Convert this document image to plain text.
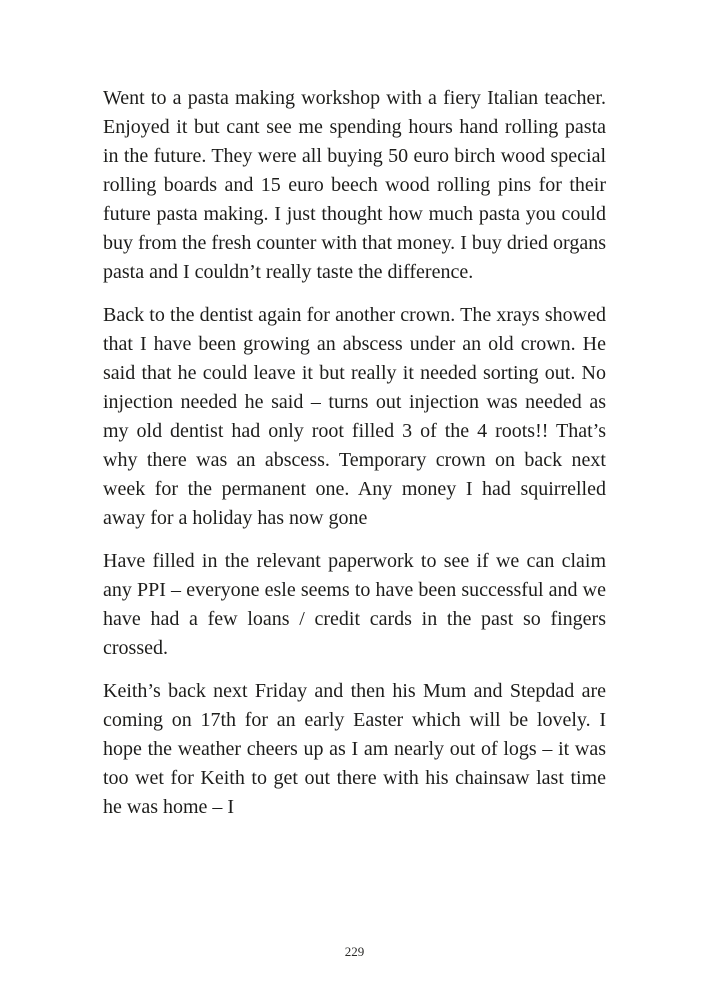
Went to a pasta making workshop with a fiery Italian teacher. Enjoyed it but cant see me spending hours hand rolling pasta in the future. They were all buying 50 euro birch wood special rolling boards and 15 euro beech wood rolling pins for their future pasta making. I just thought how much pasta you could buy from the fresh counter with that money. I buy dried organs pasta and I couldn’t really taste the difference.

Back to the dentist again for another crown. The xrays showed that I have been growing an abscess under an old crown. He said that he could leave it but really it needed sorting out. No injection needed he said – turns out injection was needed as my old dentist had only root filled 3 of the 4 roots!! That’s why there was an abscess. Temporary crown on back next week for the permanent one. Any money I had squirrelled away for a holiday has now gone

Have filled in the relevant paperwork to see if we can claim any PPI – everyone esle seems to have been successful and we have had a few loans / credit cards in the past so fingers crossed.

Keith’s back next Friday and then his Mum and Stepdad are coming on 17th for an early Easter which will be lovely. I hope the weather cheers up as I am nearly out of logs – it was too wet for Keith to get out there with his chainsaw last time he was home – I

229
